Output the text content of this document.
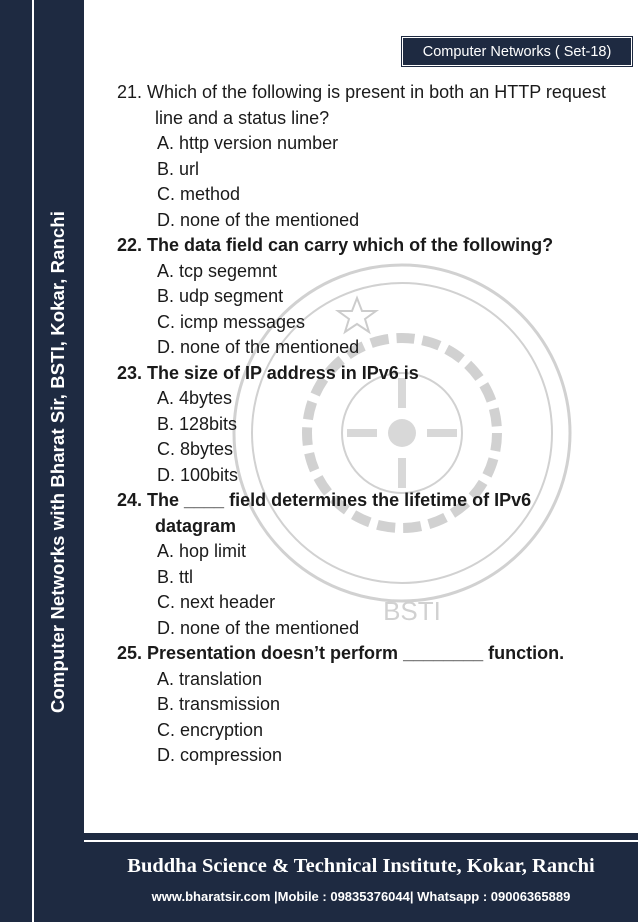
Computer Networks with Bharat Sir, BSTI, Kokar, Ranchi
Computer Networks ( Set-18)
BSTI
21. Which of the following is present in both an HTTP request line and a status line?
A. http version number
B. url
C. method
D. none of the mentioned
22. The data field can carry which of the following?
A. tcp segemnt
B. udp segment
C. icmp messages
D. none of the mentioned
23. The size of IP address in IPv6 is
A. 4bytes
B. 128bits
C. 8bytes
D. 100bits
24. The ____ field determines the lifetime of IPv6 datagram
A. hop limit
B. ttl
C. next header
D. none of the mentioned
25. Presentation doesn’t perform ________ function.
A. translation
B. transmission
C. encryption
D. compression
Buddha Science & Technical Institute, Kokar, Ranchi
www.bharatsir.com |Mobile : 09835376044| Whatsapp : 09006365889
